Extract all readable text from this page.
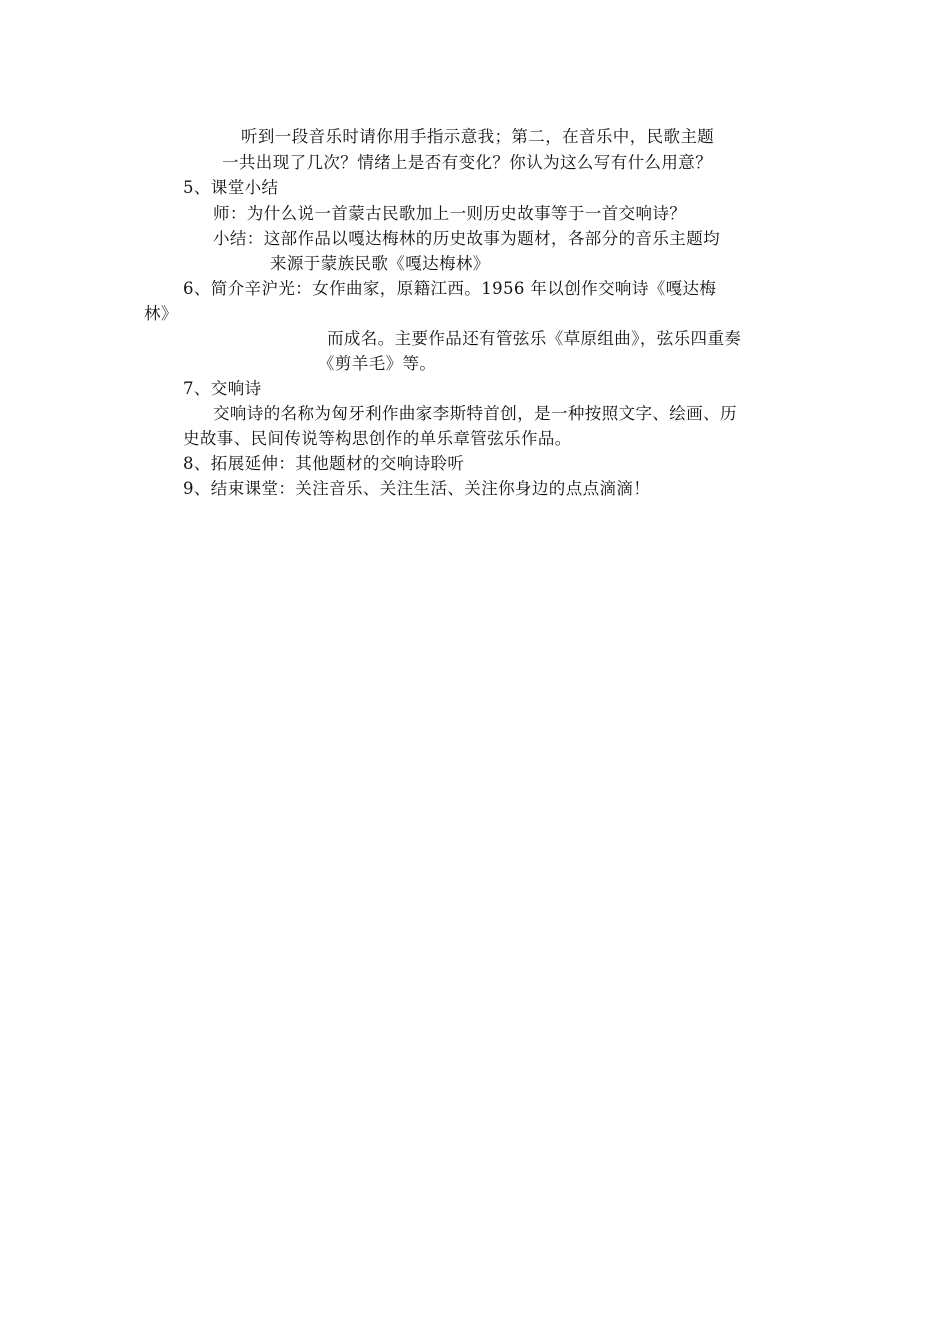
听到一段音乐时请你用手指示意我；第二，在音乐中，民歌主题
一共出现了几次？情绪上是否有变化？你认为这么写有什么用意？
5、课堂小结
师：为什么说一首蒙古民歌加上一则历史故事等于一首交响诗？
小结：这部作品以嘎达梅林的历史故事为题材，各部分的音乐主题均
来源于蒙族民歌《嘎达梅林》
6、简介辛沪光：女作曲家，原籍江西。1956 年以创作交响诗《嘎达梅
林》
而成名。主要作品还有管弦乐《草原组曲》，弦乐四重奏
《剪羊毛》等。
7、交响诗
交响诗的名称为匈牙利作曲家李斯特首创，是一种按照文字、绘画、历
史故事、民间传说等构思创作的单乐章管弦乐作品。
8、拓展延伸：其他题材的交响诗聆听
9、结束课堂：关注音乐、关注生活、关注你身边的点点滴滴！
